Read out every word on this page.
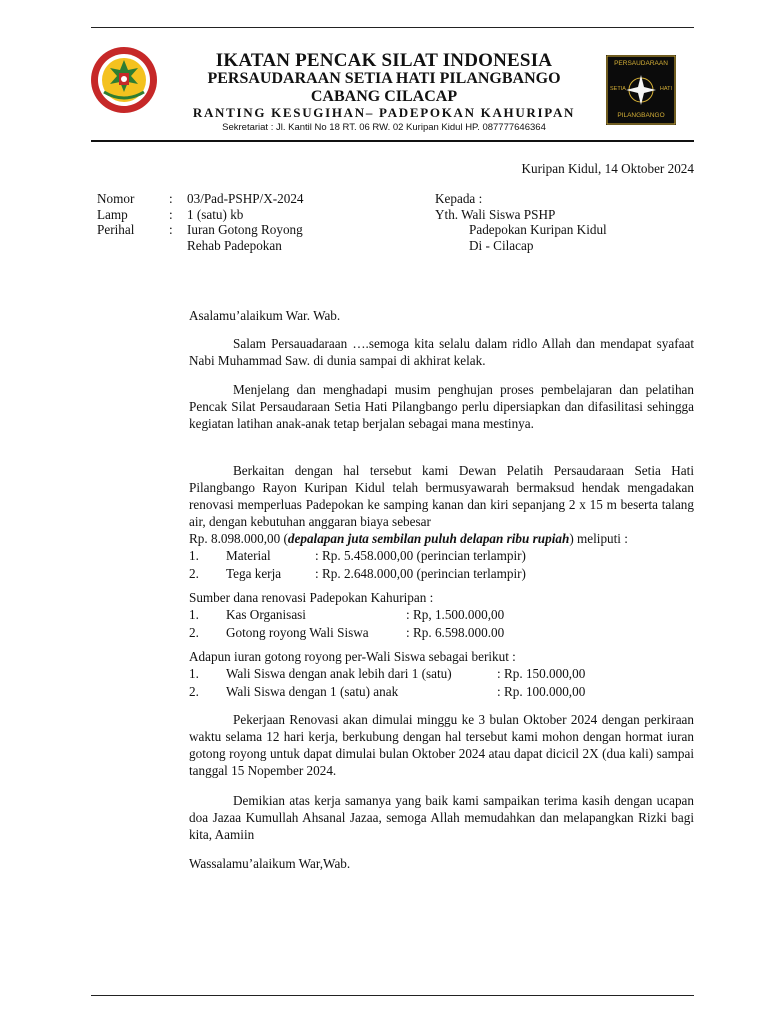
IKATAN PENCAK SILAT INDONESIA
PERSAUDARAAN SETIA HATI PILANGBANGO
CABANG CILACAP
RANTING KESUGIHAN– PADEPOKAN KAHURIPAN
Sekretariat : Jl. Kantil No 18 RT. 06 RW. 02 Kuripan Kidul HP. 087777646364
PERSAUDARAAN
SETIA	HATI
PILANGBANGO
Kuripan Kidul, 14 Oktober 2024
Nomor	: 03/Pad-PSHP/X-2024
Lamp	: 1 (satu) kb
Perihal	: Iuran Gotong Royong
Rehab Padepokan
Kepada :
Yth. Wali Siswa PSHP
Padepokan Kuripan Kidul
Di - Cilacap
Asalamu’alaikum War. Wab.
Salam Persauadaraan ….semoga kita selalu dalam ridlo Allah dan mendapat syafaat Nabi Muhammad Saw. di dunia sampai di akhirat kelak.
Menjelang dan menghadapi musim penghujan proses pembelajaran dan pelatihan Pencak Silat Persaudaraan Setia Hati Pilangbango perlu dipersiapkan dan difasilitasi sehingga kegiatan latihan anak-anak tetap berjalan sebagai mana mestinya.
Berkaitan dengan hal tersebut kami Dewan Pelatih Persaudaraan Setia Hati Pilangbango Rayon Kuripan Kidul telah bermusyawarah bermaksud hendak mengadakan renovasi memperluas Padepokan ke samping kanan dan kiri sepanjang 2 x 15 m beserta talang air, dengan kebutuhan anggaran biaya sebesar
Rp. 8.098.000,00 (depalapan juta sembilan puluh delapan ribu rupiah) meliputi :
1. Material	: Rp. 5.458.000,00 (perincian terlampir)
2. Tega kerja	: Rp. 2.648.000,00 (perincian terlampir)
Sumber dana renovasi Padepokan Kahuripan :
1. Kas Organisasi	: Rp, 1.500.000,00
2. Gotong royong Wali Siswa	: Rp. 6.598.000.00
Adapun iuran gotong royong per-Wali Siswa sebagai berikut :
1. Wali Siswa dengan anak lebih dari 1 (satu)	: Rp. 150.000,00
2. Wali Siswa dengan 1 (satu) anak	: Rp. 100.000,00
Pekerjaan Renovasi akan dimulai minggu ke 3 bulan Oktober 2024 dengan perkiraan waktu selama 12 hari kerja, berkubung dengan hal tersebut kami mohon dengan hormat iuran gotong royong untuk dapat dimulai bulan Oktober 2024 atau dapat dicicil 2X (dua kali) sampai tanggal 15 Nopember 2024.
Demikian atas kerja samanya yang baik kami sampaikan terima kasih dengan ucapan doa Jazaa Kumullah Ahsanal Jazaa, semoga Allah memudahkan dan melapangkan Rizki bagi kita, Aamiin
Wassalamu’alaikum War,Wab.
